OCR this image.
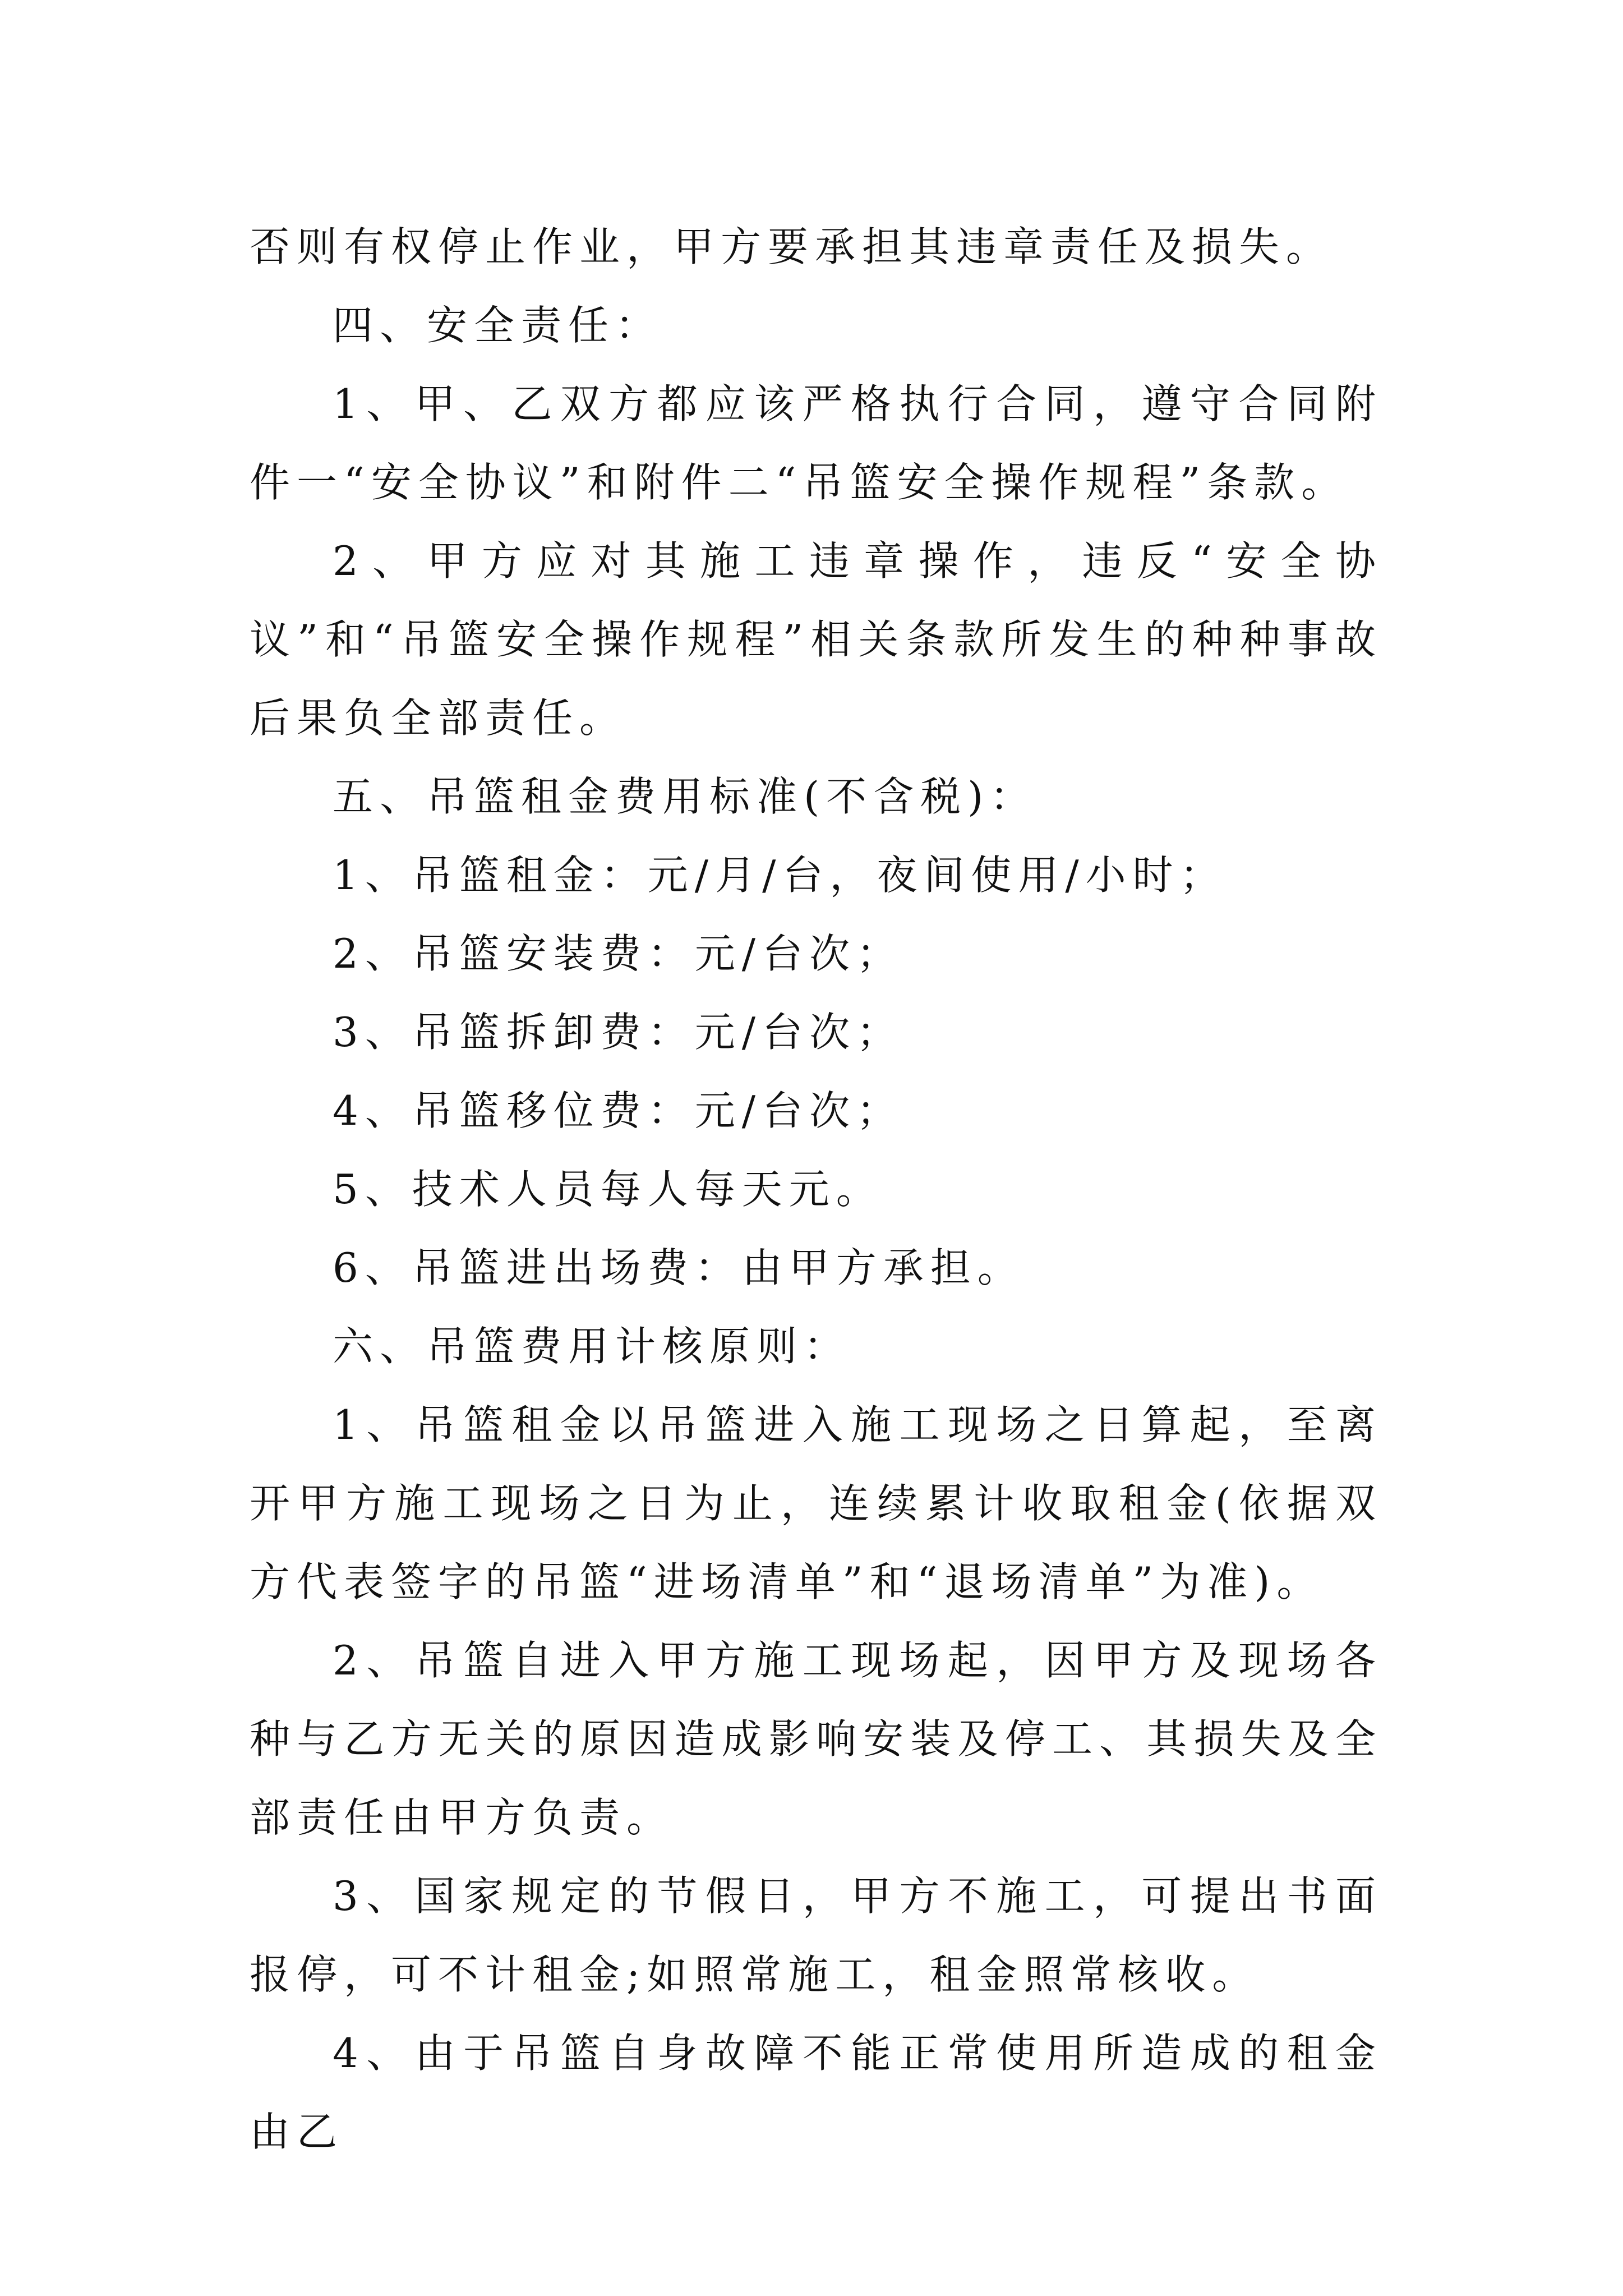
否则有权停止作业，甲方要承担其违章责任及损失。

四、安全责任：

1、甲、乙双方都应该严格执行合同，遵守合同附件一“安全协议”和附件二“吊篮安全操作规程”条款。

2、甲方应对其施工违章操作，违反“安全协议”和“吊篮安全操作规程”相关条款所发生的种种事故后果负全部责任。

五、吊篮租金费用标准(不含税)：

1、吊篮租金：元/月/台，夜间使用/小时；

2、吊篮安装费：元/台次；

3、吊篮拆卸费：元/台次；

4、吊篮移位费：元/台次；

5、技术人员每人每天元。

6、吊篮进出场费：由甲方承担。

六、吊篮费用计核原则：

1、吊篮租金以吊篮进入施工现场之日算起，至离开甲方施工现场之日为止，连续累计收取租金(依据双方代表签字的吊篮“进场清单”和“退场清单”为准)。

2、吊篮自进入甲方施工现场起，因甲方及现场各种与乙方无关的原因造成影响安装及停工、其损失及全部责任由甲方负责。

3、国家规定的节假日，甲方不施工，可提出书面报停，可不计租金;如照常施工，租金照常核收。

4、由于吊篮自身故障不能正常使用所造成的租金由乙
